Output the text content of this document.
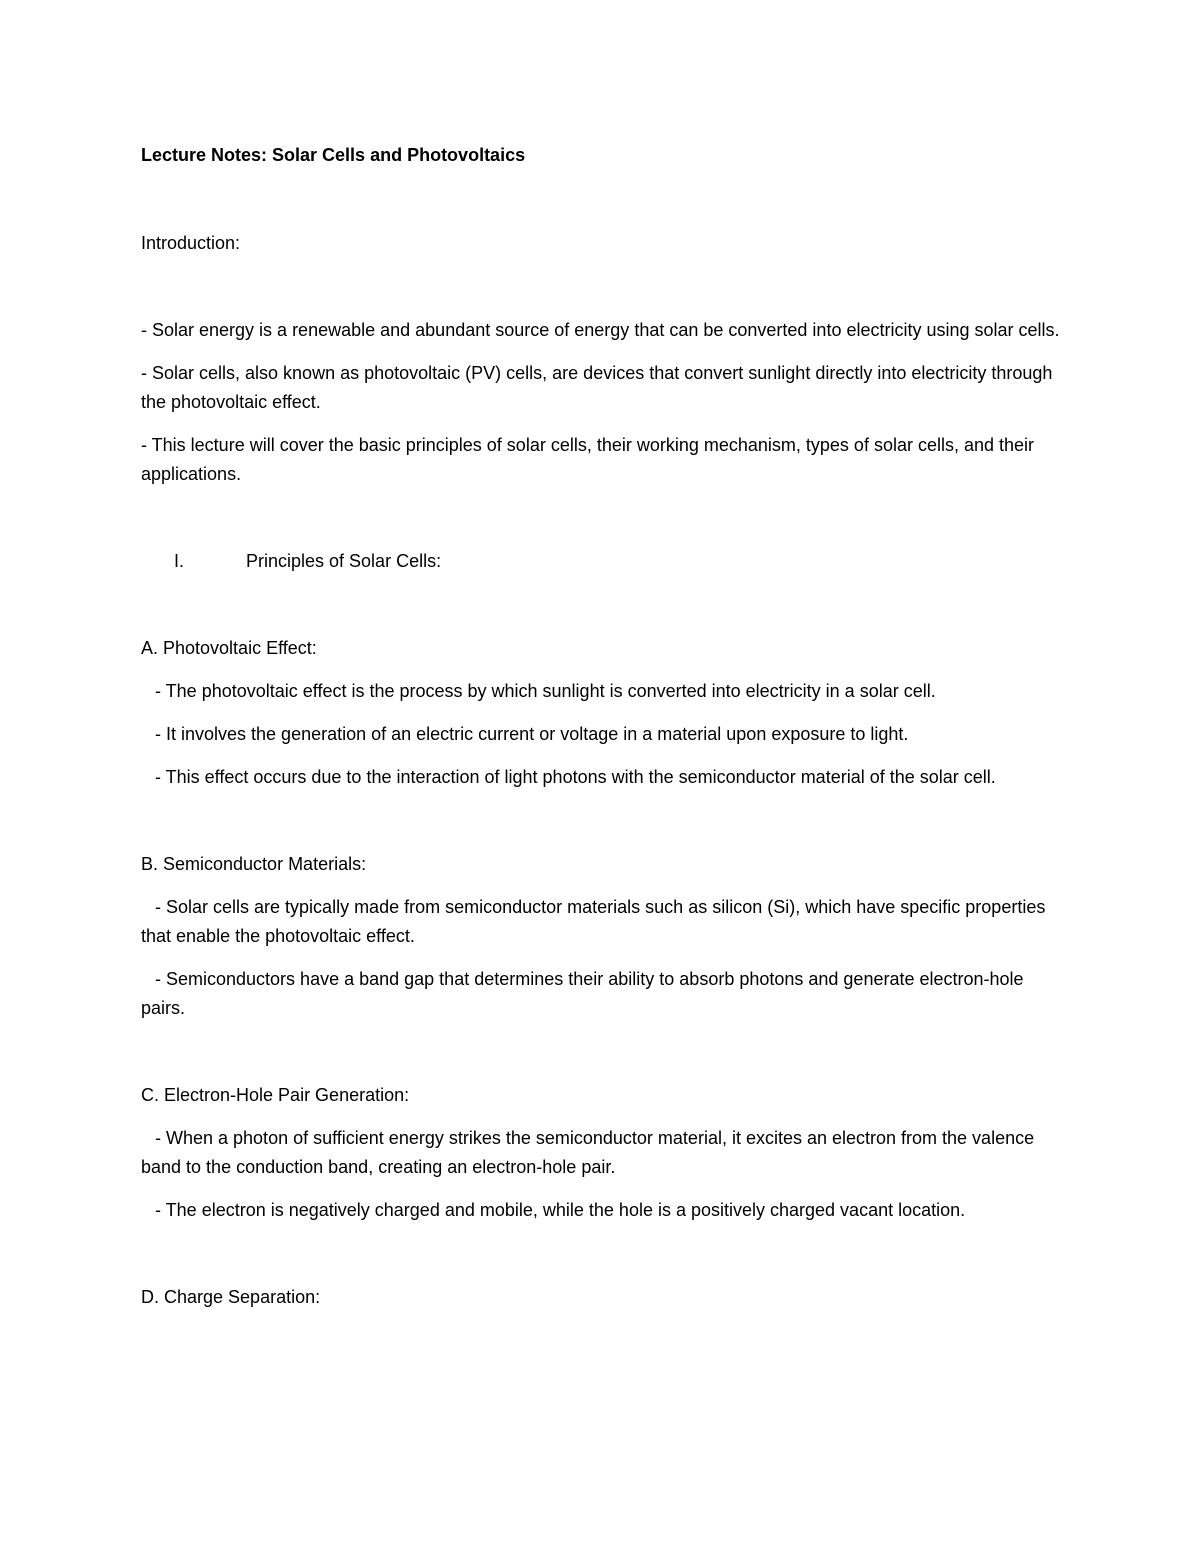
Lecture Notes: Solar Cells and Photovoltaics

Introduction:

- Solar energy is a renewable and abundant source of energy that can be converted into electricity using solar cells.

- Solar cells, also known as photovoltaic (PV) cells, are devices that convert sunlight directly into electricity through the photovoltaic effect.

- This lecture will cover the basic principles of solar cells, their working mechanism, types of solar cells, and their applications.

I.	Principles of Solar Cells:

A. Photovoltaic Effect:

- The photovoltaic effect is the process by which sunlight is converted into electricity in a solar cell.

- It involves the generation of an electric current or voltage in a material upon exposure to light.

- This effect occurs due to the interaction of light photons with the semiconductor material of the solar cell.

B. Semiconductor Materials:

- Solar cells are typically made from semiconductor materials such as silicon (Si), which have specific properties that enable the photovoltaic effect.

- Semiconductors have a band gap that determines their ability to absorb photons and generate electron-hole pairs.

C. Electron-Hole Pair Generation:

- When a photon of sufficient energy strikes the semiconductor material, it excites an electron from the valence band to the conduction band, creating an electron-hole pair.

- The electron is negatively charged and mobile, while the hole is a positively charged vacant location.

D. Charge Separation:
